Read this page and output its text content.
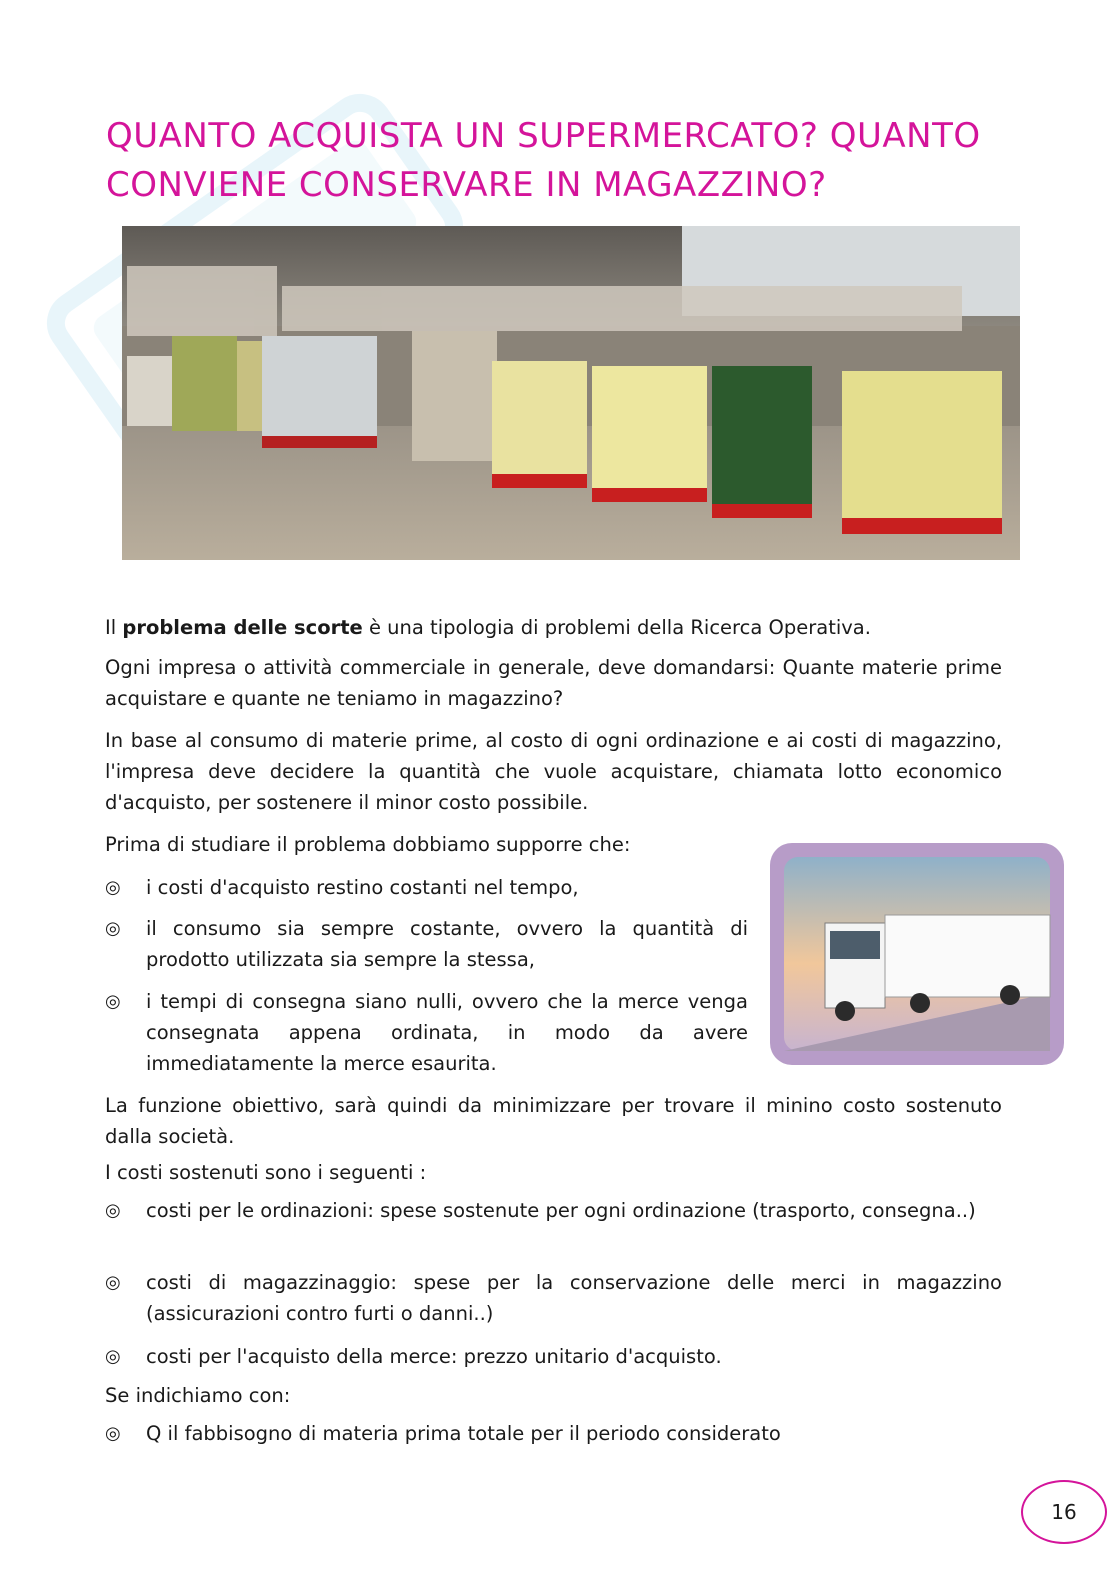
QUANTO ACQUISTA UN SUPERMERCATO? QUANTO
CONVIENE CONSERVARE IN MAGAZZINO?

Il problema delle scorte è una tipologia di problemi della Ricerca Operativa.

Ogni impresa o attività commerciale in generale, deve domandarsi: Quante materie prime acquistare e quante ne teniamo in magazzino?

In base al consumo di materie prime, al costo di ogni ordinazione e ai costi di magazzino, l'impresa deve decidere la quantità che vuole acquistare, chiamata lotto economico d'acquisto, per sostenere il minor costo possibile.

Prima di studiare il problema dobbiamo supporre che:

◎	i costi d'acquisto restino costanti nel tempo,
◎	il consumo sia sempre costante, ovvero la quantità di prodotto utilizzata sia sempre la stessa,
◎	i tempi di consegna siano nulli, ovvero che la merce venga consegnata appena ordinata, in modo da avere immediatamente la merce esaurita.

La funzione obiettivo, sarà quindi da minimizzare per trovare il minino costo sostenuto dalla società.

I costi sostenuti sono i seguenti :

◎	costi per le ordinazioni: spese sostenute per ogni ordinazione (trasporto, consegna..)
◎	costi di magazzinaggio: spese per la conservazione delle merci in magazzino (assicurazioni contro furti o danni..)
◎	costi per l'acquisto della merce: prezzo unitario d'acquisto.

Se indichiamo con:

◎	Q il fabbisogno di materia prima totale per il periodo considerato
16
